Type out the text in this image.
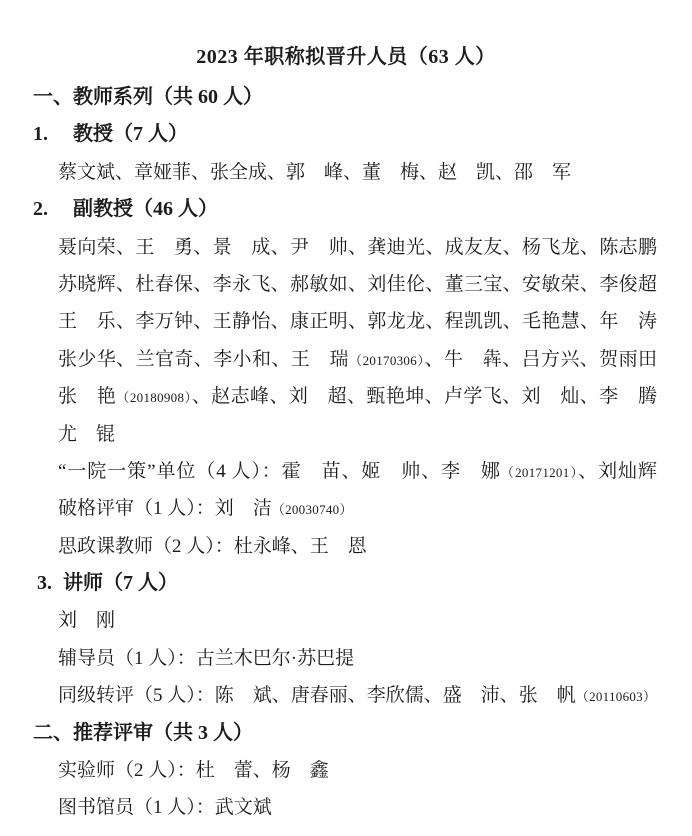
2023 年职称拟晋升人员（63 人）
一、教师系列（共 60 人）
1. 教授（7 人）
蔡文斌、章娅菲、张全成、郭　峰、董　梅、赵　凯、邵　军
2. 副教授（46 人）
聂向荣、王　勇、景　成、尹　帅、龚迪光、成友友、杨飞龙、陈志鹏
苏晓辉、杜春保、李永飞、郝敏如、刘佳伦、董三宝、安敏荣、李俊超
王　乐、李万钟、王静怡、康正明、郭龙龙、程凯凯、毛艳慧、年　涛
张少华、兰官奇、李小和、王　瑞（20170306）、牛　犇、吕方兴、贺雨田
张　艳（20180908）、赵志峰、刘　超、甄艳坤、卢学飞、刘　灿、李　腾
尤　锟
“一院一策”单位（4 人）：霍　苗、姬　帅、李　娜（20171201）、刘灿辉
破格评审（1 人）：刘　洁（20030740）
思政课教师（2 人）：杜永峰、王　恩
3. 讲师（7 人）
刘　刚
辅导员（1 人）：古兰木巴尔·苏巴提
同级转评（5 人）：陈　斌、唐春丽、李欣儒、盛　沛、张　帆（20110603）
二、推荐评审（共 3 人）
实验师（2 人）：杜　蕾、杨　鑫
图书馆员（1 人）：武文斌
